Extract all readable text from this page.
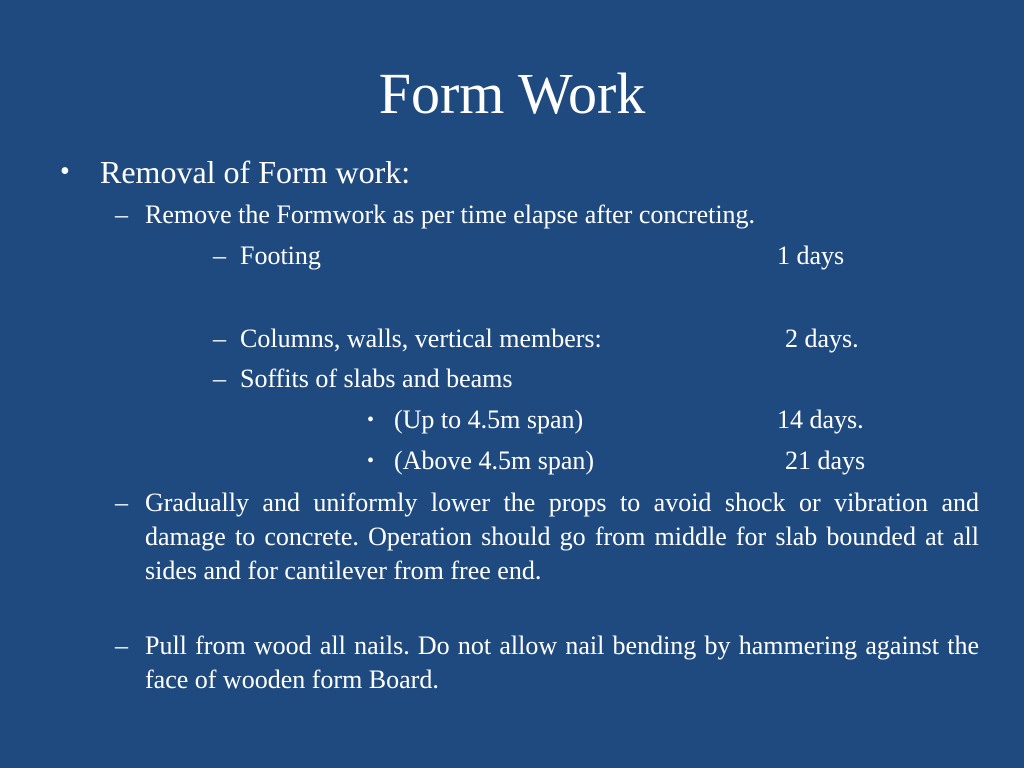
Form Work
• Removal of Form work:
– Remove the Formwork as per time elapse after concreting.
– Footing	1 days
– Columns, walls, vertical members:	2 days.
– Soffits of slabs and beams
• (Up to 4.5m span)	14 days.
• (Above 4.5m span)	21 days
– Gradually and uniformly lower the props to avoid shock or vibration and damage to concrete. Operation should go from middle for slab bounded at all sides and for cantilever from free end.
– Pull from wood all nails. Do not allow nail bending by hammering against the face of wooden form Board.
